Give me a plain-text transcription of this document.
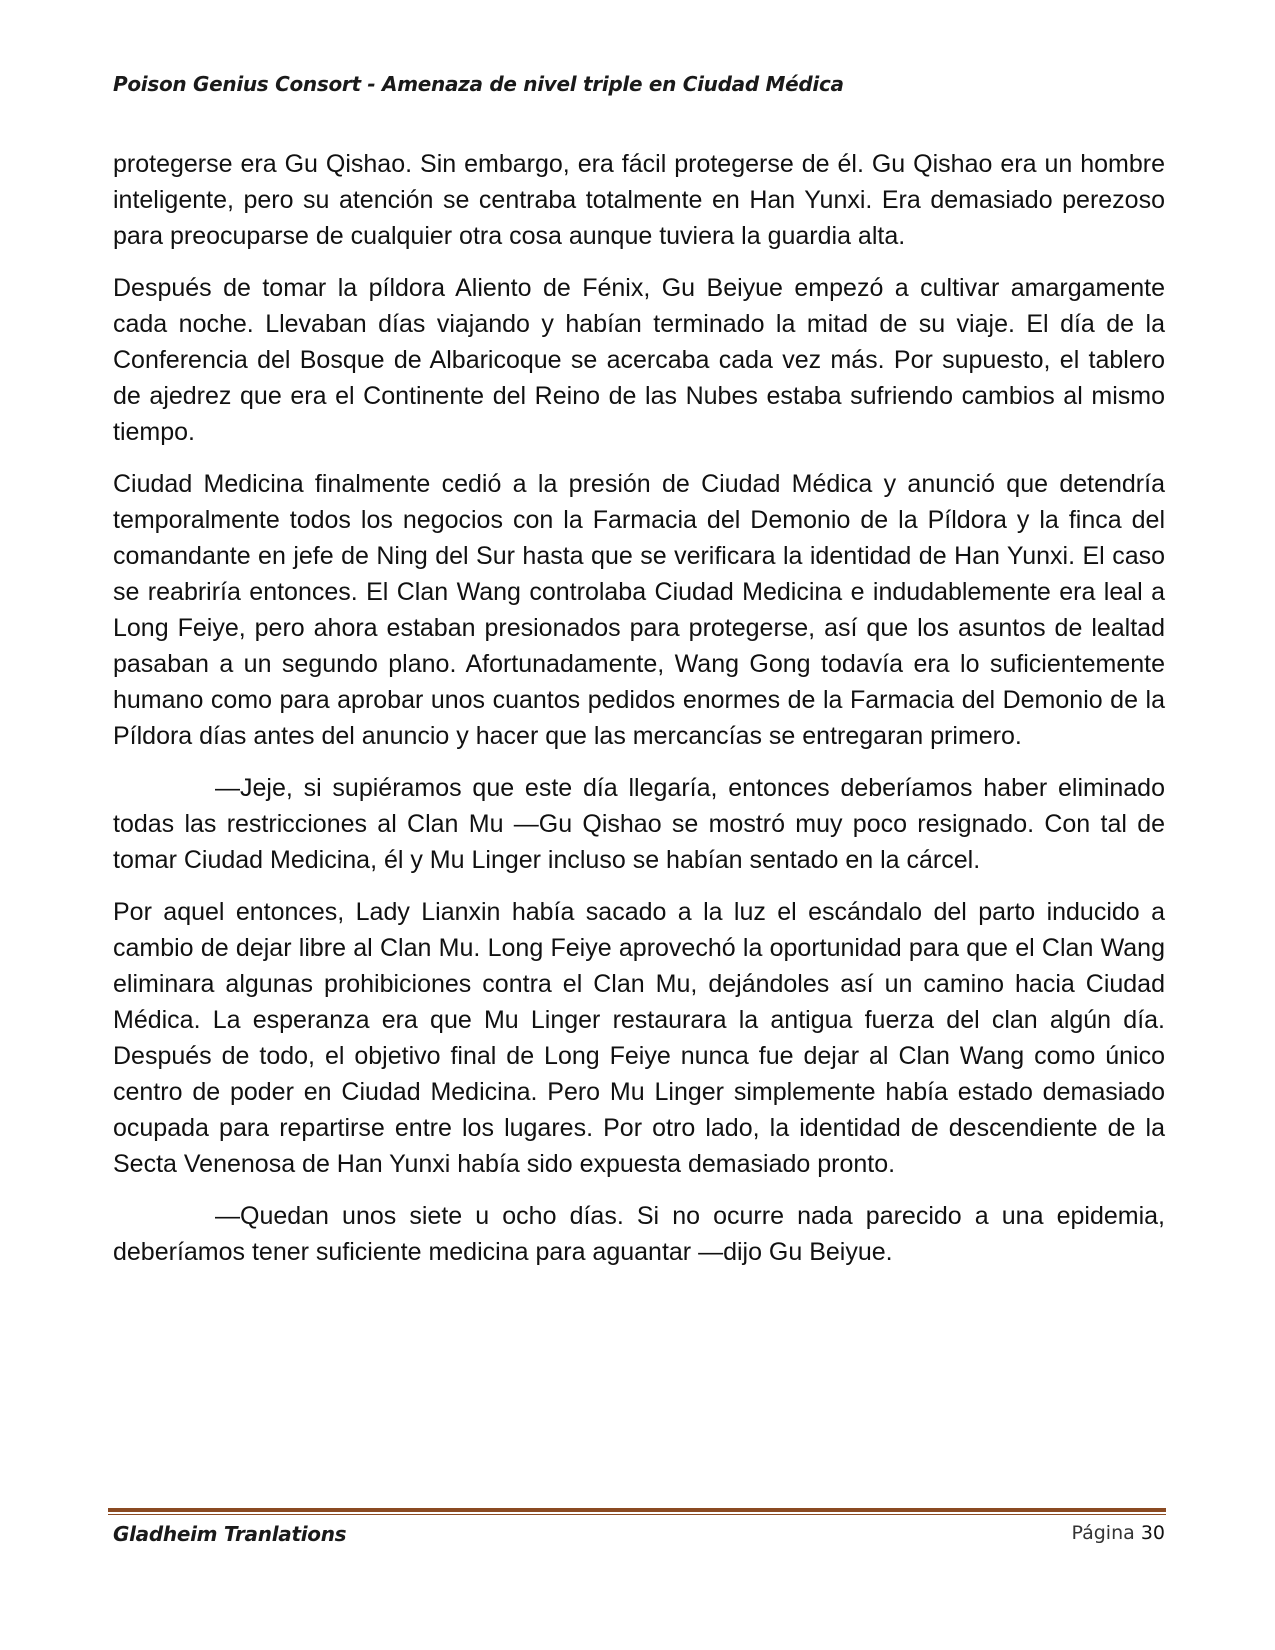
Poison Genius Consort - Amenaza de nivel triple en Ciudad Médica

protegerse era Gu Qishao. Sin embargo, era fácil protegerse de él. Gu Qishao era un hombre inteligente, pero su atención se centraba totalmente en Han Yunxi. Era demasiado perezoso para preocuparse de cualquier otra cosa aunque tuviera la guardia alta.

Después de tomar la píldora Aliento de Fénix, Gu Beiyue empezó a cultivar amargamente cada noche. Llevaban días viajando y habían terminado la mitad de su viaje. El día de la Conferencia del Bosque de Albaricoque se acercaba cada vez más. Por supuesto, el tablero de ajedrez que era el Continente del Reino de las Nubes estaba sufriendo cambios al mismo tiempo.

Ciudad Medicina finalmente cedió a la presión de Ciudad Médica y anunció que detendría temporalmente todos los negocios con la Farmacia del Demonio de la Píldora y la finca del comandante en jefe de Ning del Sur hasta que se verificara la identidad de Han Yunxi. El caso se reabriría entonces. El Clan Wang controlaba Ciudad Medicina e indudablemente era leal a Long Feiye, pero ahora estaban presionados para protegerse, así que los asuntos de lealtad pasaban a un segundo plano. Afortunadamente, Wang Gong todavía era lo suficientemente humano como para aprobar unos cuantos pedidos enormes de la Farmacia del Demonio de la Píldora días antes del anuncio y hacer que las mercancías se entregaran primero.

—Jeje, si supiéramos que este día llegaría, entonces deberíamos haber eliminado todas las restricciones al Clan Mu —Gu Qishao se mostró muy poco resignado. Con tal de tomar Ciudad Medicina, él y Mu Linger incluso se habían sentado en la cárcel.

Por aquel entonces, Lady Lianxin había sacado a la luz el escándalo del parto inducido a cambio de dejar libre al Clan Mu. Long Feiye aprovechó la oportunidad para que el Clan Wang eliminara algunas prohibiciones contra el Clan Mu, dejándoles así un camino hacia Ciudad Médica. La esperanza era que Mu Linger restaurara la antigua fuerza del clan algún día. Después de todo, el objetivo final de Long Feiye nunca fue dejar al Clan Wang como único centro de poder en Ciudad Medicina. Pero Mu Linger simplemente había estado demasiado ocupada para repartirse entre los lugares. Por otro lado, la identidad de descendiente de la Secta Venenosa de Han Yunxi había sido expuesta demasiado pronto.

—Quedan unos siete u ocho días. Si no ocurre nada parecido a una epidemia, deberíamos tener suficiente medicina para aguantar —dijo Gu Beiyue.

Gladheim Tranlations	Página 30
